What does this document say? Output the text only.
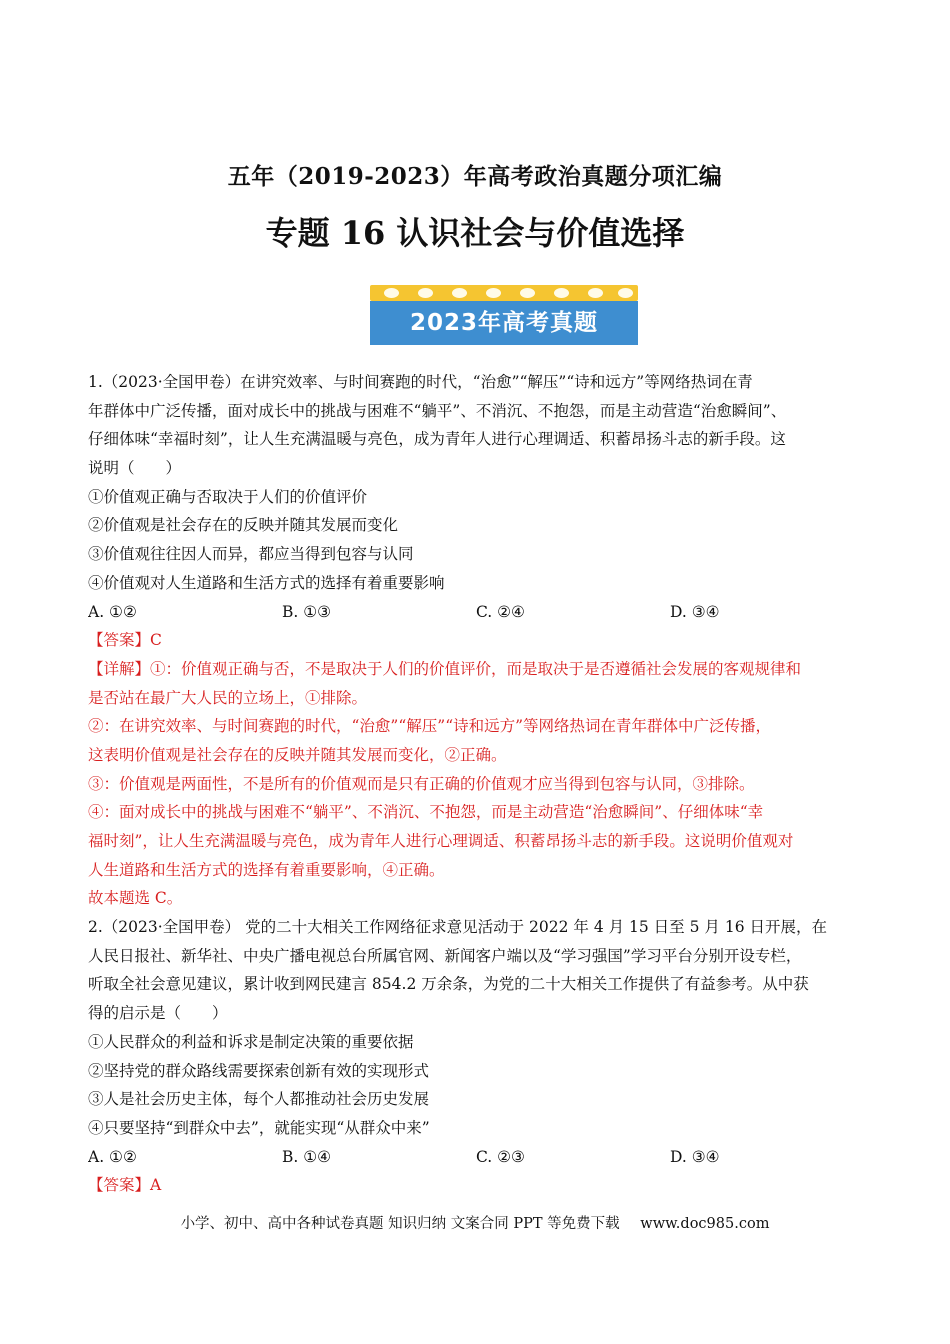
五年（2019-2023）年高考政治真题分项汇编
专题 16 认识社会与价值选择
2023年高考真题
1.（2023·全国甲卷）在讲究效率、与时间赛跑的时代，“治愈”“解压”“诗和远方”等网络热词在青
年群体中广泛传播，面对成长中的挑战与困难不“躺平”、不消沉、不抱怨，而是主动营造“治愈瞬间”、
仔细体味“幸福时刻”，让人生充满温暖与亮色，成为青年人进行心理调适、积蓄昂扬斗志的新手段。这
说明（　　）
①价值观正确与否取决于人们的价值评价
②价值观是社会存在的反映并随其发展而变化
③价值观往往因人而异，都应当得到包容与认同
④价值观对人生道路和生活方式的选择有着重要影响
A. ①②	B. ①③	C. ②④	D. ③④
【答案】C
【详解】①：价值观正确与否，不是取决于人们的价值评价，而是取决于是否遵循社会发展的客观规律和
是否站在最广大人民的立场上，①排除。
②：在讲究效率、与时间赛跑的时代，“治愈”“解压”“诗和远方”等网络热词在青年群体中广泛传播，
这表明价值观是社会存在的反映并随其发展而变化，②正确。
③：价值观是两面性，不是所有的价值观而是只有正确的价值观才应当得到包容与认同，③排除。
④：面对成长中的挑战与困难不“躺平”、不消沉、不抱怨，而是主动营造“治愈瞬间”、仔细体味“幸
福时刻”，让人生充满温暖与亮色，成为青年人进行心理调适、积蓄昂扬斗志的新手段。这说明价值观对
人生道路和生活方式的选择有着重要影响，④正确。
故本题选 C。
2.（2023·全国甲卷） 党的二十大相关工作网络征求意见活动于 2022 年 4 月 15 日至 5 月 16 日开展，在
人民日报社、新华社、中央广播电视总台所属官网、新闻客户端以及“学习强国”学习平台分别开设专栏，
听取全社会意见建议，累计收到网民建言 854.2 万余条，为党的二十大相关工作提供了有益参考。从中获
得的启示是（　　）
①人民群众的利益和诉求是制定决策的重要依据
②坚持党的群众路线需要探索创新有效的实现形式
③人是社会历史主体，每个人都推动社会历史发展
④只要坚持“到群众中去”，就能实现“从群众中来”
A. ①②	B. ①④	C. ②③	D. ③④
【答案】A
小学、初中、高中各种试卷真题 知识归纳 文案合同 PPT 等免费下载 www.doc985.com
